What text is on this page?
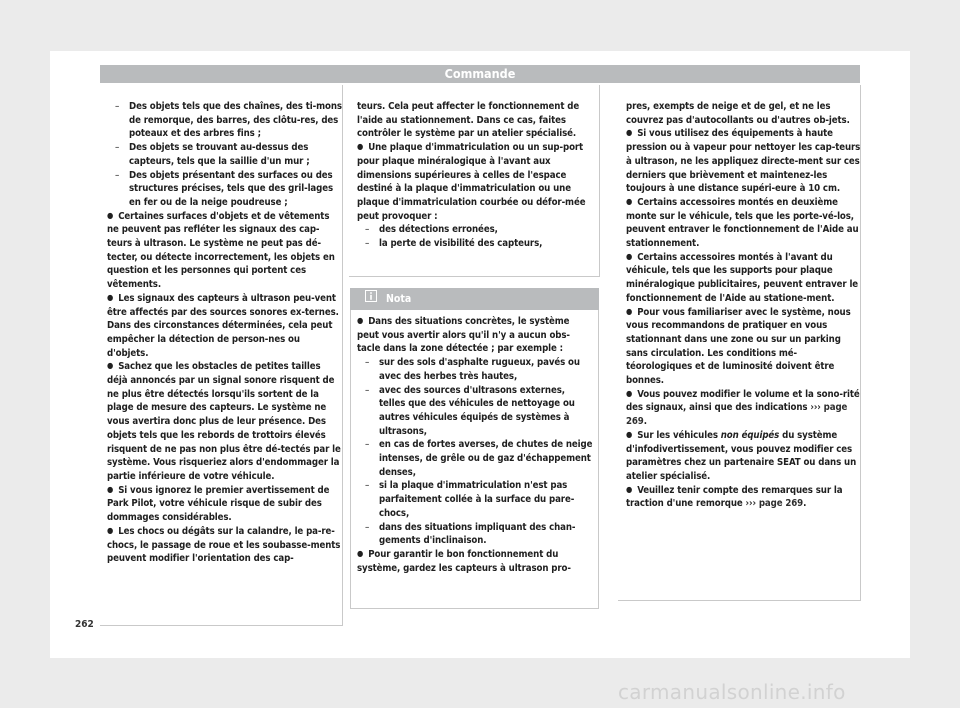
Commande

– Des objets tels que des chaînes, des ti-mons de remorque, des barres, des clôtu-res, des poteaux et des arbres fins ;

– Des objets se trouvant au-dessus des capteurs, tels que la saillie d'un mur ;

– Des objets présentant des surfaces ou des structures précises, tels que des gril-lages en fer ou de la neige poudreuse ;

● Certaines surfaces d'objets et de vêtements ne peuvent pas refléter les signaux des cap-teurs à ultrason. Le système ne peut pas dé-tecter, ou détecte incorrectement, les objets en question et les personnes qui portent ces vêtements.

● Les signaux des capteurs à ultrason peu-vent être affectés par des sources sonores ex-ternes. Dans des circonstances déterminées, cela peut empêcher la détection de person-nes ou d'objets.

● Sachez que les obstacles de petites tailles déjà annoncés par un signal sonore risquent de ne plus être détectés lorsqu'ils sortent de la plage de mesure des capteurs. Le système ne vous avertira donc plus de leur présence. Des objets tels que les rebords de trottoirs élevés risquent de ne pas non plus être dé-tectés par le système. Vous risqueriez alors d'endommager la partie inférieure de votre véhicule.

● Si vous ignorez le premier avertissement de Park Pilot, votre véhicule risque de subir des dommages considérables.

● Les chocs ou dégâts sur la calandre, le pa-re-chocs, le passage de roue et les soubasse-ments peuvent modifier l'orientation des cap-

teurs. Cela peut affecter le fonctionnement de l'aide au stationnement. Dans ce cas, faites contrôler le système par un atelier spécialisé.

● Une plaque d'immatriculation ou un sup-port pour plaque minéralogique à l'avant aux dimensions supérieures à celles de l'espace destiné à la plaque d'immatriculation ou une plaque d'immatriculation courbée ou défor-mée peut provoquer :

– des détections erronées,

– la perte de visibilité des capteurs,

Nota

● Dans des situations concrètes, le système peut vous avertir alors qu'il n'y a aucun obs-tacle dans la zone détectée ; par exemple :

– sur des sols d'asphalte rugueux, pavés ou avec des herbes très hautes,

– avec des sources d'ultrasons externes, telles que des véhicules de nettoyage ou autres véhicules équipés de systèmes à ultrasons,

– en cas de fortes averses, de chutes de neige intenses, de grêle ou de gaz d'échappement denses,

– si la plaque d'immatriculation n'est pas parfaitement collée à la surface du pare-chocs,

– dans des situations impliquant des chan-gements d'inclinaison.

● Pour garantir le bon fonctionnement du système, gardez les capteurs à ultrason pro-

pres, exempts de neige et de gel, et ne les couvrez pas d'autocollants ou d'autres ob-jets.

● Si vous utilisez des équipements à haute pression ou à vapeur pour nettoyer les cap-teurs à ultrason, ne les appliquez directe-ment sur ces derniers que brièvement et maintenez-les toujours à une distance supéri-eure à 10 cm.

● Certains accessoires montés en deuxième monte sur le véhicule, tels que les porte-vé-los, peuvent entraver le fonctionnement de l'Aide au stationnement.

● Certains accessoires montés à l'avant du véhicule, tels que les supports pour plaque minéralogique publicitaires, peuvent entraver le fonctionnement de l'Aide au statione-ment.

● Pour vous familiariser avec le système, nous vous recommandons de pratiquer en vous stationnant dans une zone ou sur un parking sans circulation. Les conditions mé-téorologiques et de luminosité doivent être bonnes.

● Vous pouvez modifier le volume et la sono-rité des signaux, ainsi que des indications ››› page 269.

● Sur les véhicules non équipés du système d'infodivertissement, vous pouvez modifier ces paramètres chez un partenaire SEAT ou dans un atelier spécialisé.

● Veuillez tenir compte des remarques sur la traction d'une remorque ››› page 269.

262
carmanualsonline.info
